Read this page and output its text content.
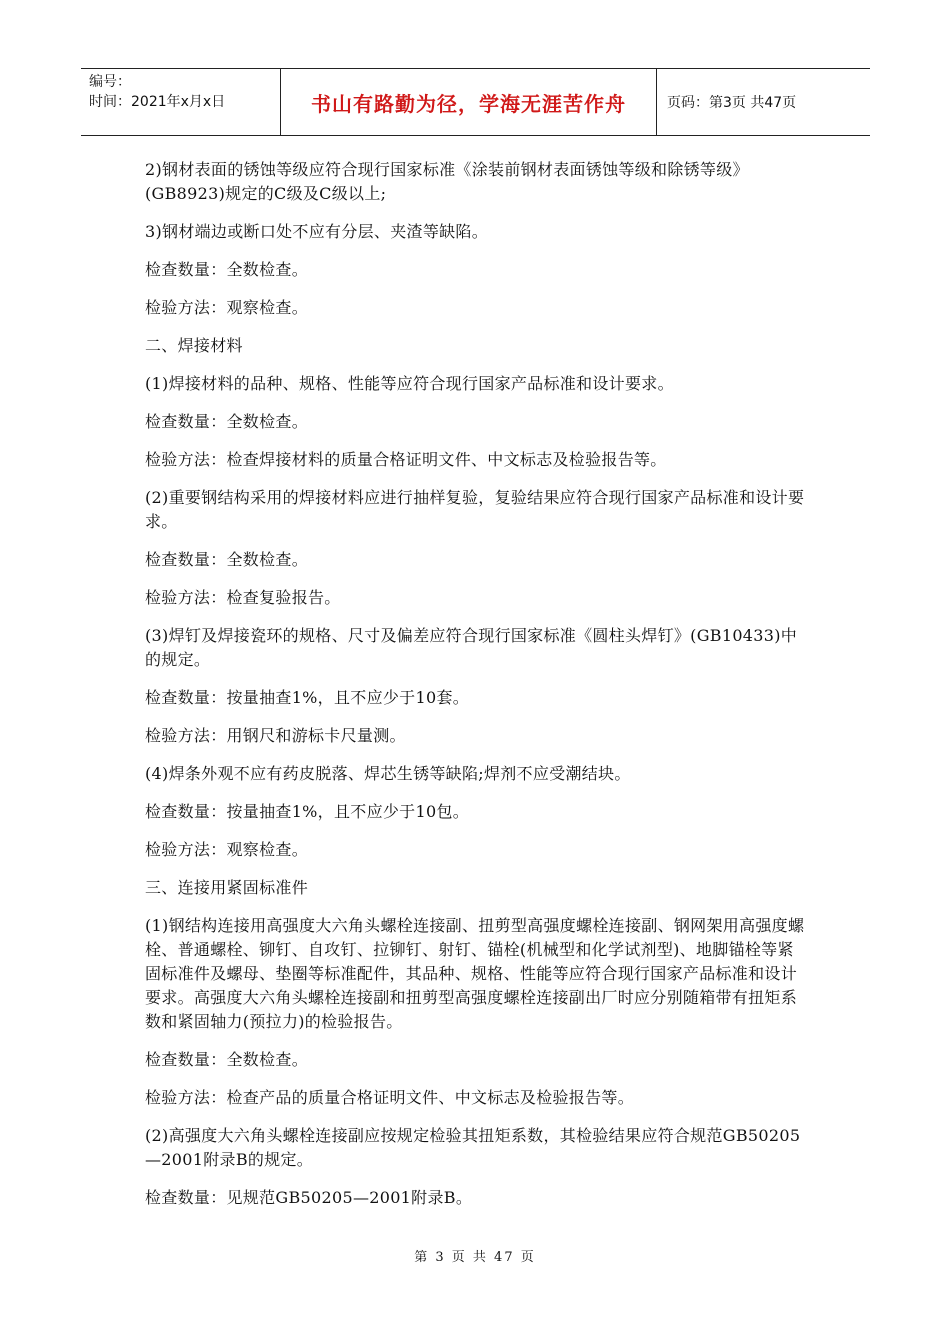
编号：
时间：2021年x月x日	书山有路勤为径，学海无涯苦作舟	页码：第3页 共47页

2)钢材表面的锈蚀等级应符合现行国家标准《涂装前钢材表面锈蚀等级和除锈等级》(GB8923)规定的C级及C级以上;

3)钢材端边或断口处不应有分层、夹渣等缺陷。

检查数量：全数检查。

检验方法：观察检查。

二、焊接材料

(1)焊接材料的品种、规格、性能等应符合现行国家产品标准和设计要求。

检查数量：全数检查。

检验方法：检查焊接材料的质量合格证明文件、中文标志及检验报告等。

(2)重要钢结构采用的焊接材料应进行抽样复验，复验结果应符合现行国家产品标准和设计要求。

检查数量：全数检查。

检验方法：检查复验报告。

(3)焊钉及焊接瓷环的规格、尺寸及偏差应符合现行国家标准《圆柱头焊钉》(GB10433)中的规定。

检查数量：按量抽查1%，且不应少于10套。

检验方法：用钢尺和游标卡尺量测。

(4)焊条外观不应有药皮脱落、焊芯生锈等缺陷;焊剂不应受潮结块。

检查数量：按量抽查1%，且不应少于10包。

检验方法：观察检查。

三、连接用紧固标准件

(1)钢结构连接用高强度大六角头螺栓连接副、扭剪型高强度螺栓连接副、钢网架用高强度螺栓、普通螺栓、铆钉、自攻钉、拉铆钉、射钉、锚栓(机械型和化学试剂型)、地脚锚栓等紧固标准件及螺母、垫圈等标准配件，其品种、规格、性能等应符合现行国家产品标准和设计要求。高强度大六角头螺栓连接副和扭剪型高强度螺栓连接副出厂时应分别随箱带有扭矩系数和紧固轴力(预拉力)的检验报告。

检查数量：全数检查。

检验方法：检查产品的质量合格证明文件、中文标志及检验报告等。

(2)高强度大六角头螺栓连接副应按规定检验其扭矩系数，其检验结果应符合规范GB50205—2001附录B的规定。

检查数量：见规范GB50205—2001附录B。

第 3 页 共 47 页
